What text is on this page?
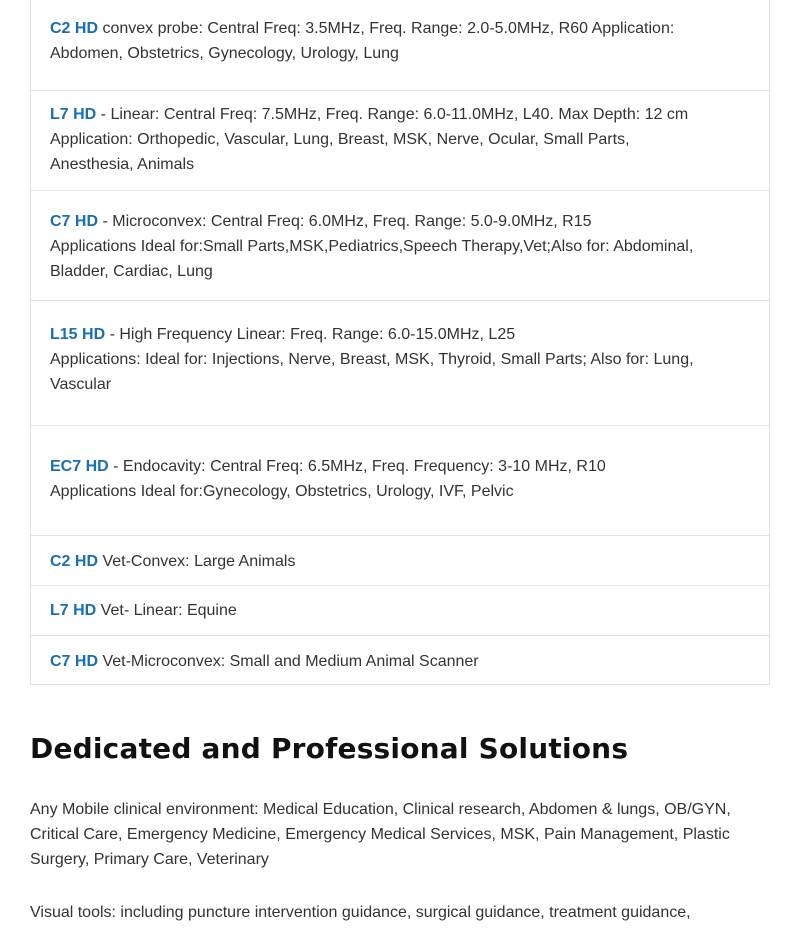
C2 HD convex probe: Central Freq: 3.5MHz, Freq. Range: 2.0-5.0MHz, R60 Application:
Abdomen, Obstetrics, Gynecology, Urology, Lung
L7 HD - Linear: Central Freq: 7.5MHz, Freq. Range: 6.0-11.0MHz, L40. Max Depth: 12 cm
Application: Orthopedic, Vascular, Lung, Breast, MSK, Nerve, Ocular, Small Parts,
Anesthesia, Animals
C7 HD - Microconvex: Central Freq: 6.0MHz, Freq. Range: 5.0-9.0MHz, R15
Applications Ideal for:Small Parts,MSK,Pediatrics,Speech Therapy,Vet;Also for: Abdominal,
Bladder, Cardiac, Lung
L15 HD - High Frequency Linear: Freq. Range: 6.0-15.0MHz, L25
Applications: Ideal for: Injections, Nerve, Breast, MSK, Thyroid, Small Parts; Also for: Lung,
Vascular
EC7 HD - Endocavity: Central Freq: 6.5MHz, Freq. Frequency: 3-10 MHz, R10
Applications Ideal for:Gynecology, Obstetrics, Urology, IVF, Pelvic
C2 HD Vet-Convex: Large Animals
L7 HD Vet- Linear: Equine
C7 HD Vet-Microconvex: Small and Medium Animal Scanner
Dedicated and Professional Solutions

Any Mobile clinical environment: Medical Education, Clinical research, Abdomen & lungs, OB/GYN,
Critical Care, Emergency Medicine, Emergency Medical Services, MSK, Pain Management, Plastic
Surgery, Primary Care, Veterinary

Visual tools: including puncture intervention guidance, surgical guidance, treatment guidance,
